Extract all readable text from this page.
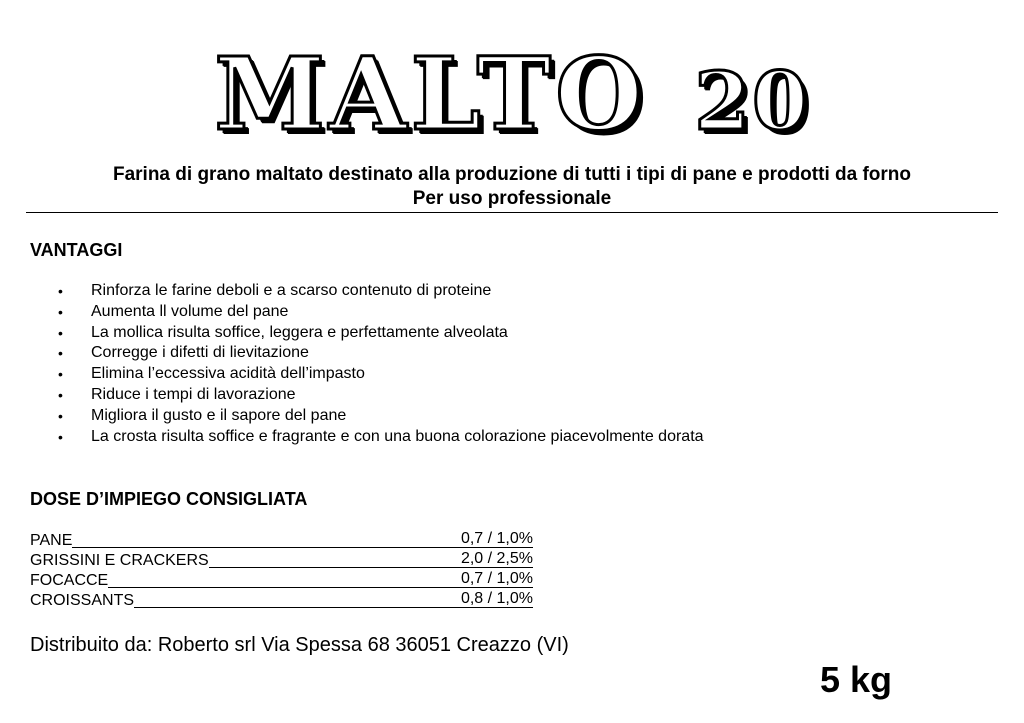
MALTO 20
Farina di grano maltato destinato alla produzione di tutti i tipi di pane e prodotti da forno
Per uso professionale
VANTAGGI
• Rinforza le farine deboli e a scarso contenuto di proteine
• Aumenta ll volume del pane
• La mollica risulta soffice, leggera e perfettamente alveolata
• Corregge i difetti di lievitazione
• Elimina l’eccessiva acidità dell’impasto
• Riduce i tempi di lavorazione
• Migliora il gusto e il sapore del pane
• La crosta risulta soffice e fragrante e con una buona colorazione piacevolmente dorata
DOSE D’IMPIEGO CONSIGLIATA
PANE	0,7 / 1,0%
GRISSINI E CRACKERS	2,0 / 2,5%
FOCACCE	0,7 / 1,0%
CROISSANTS	0,8 / 1,0%
Distribuito da: Roberto srl Via Spessa 68 36051 Creazzo (VI)
5 kg
